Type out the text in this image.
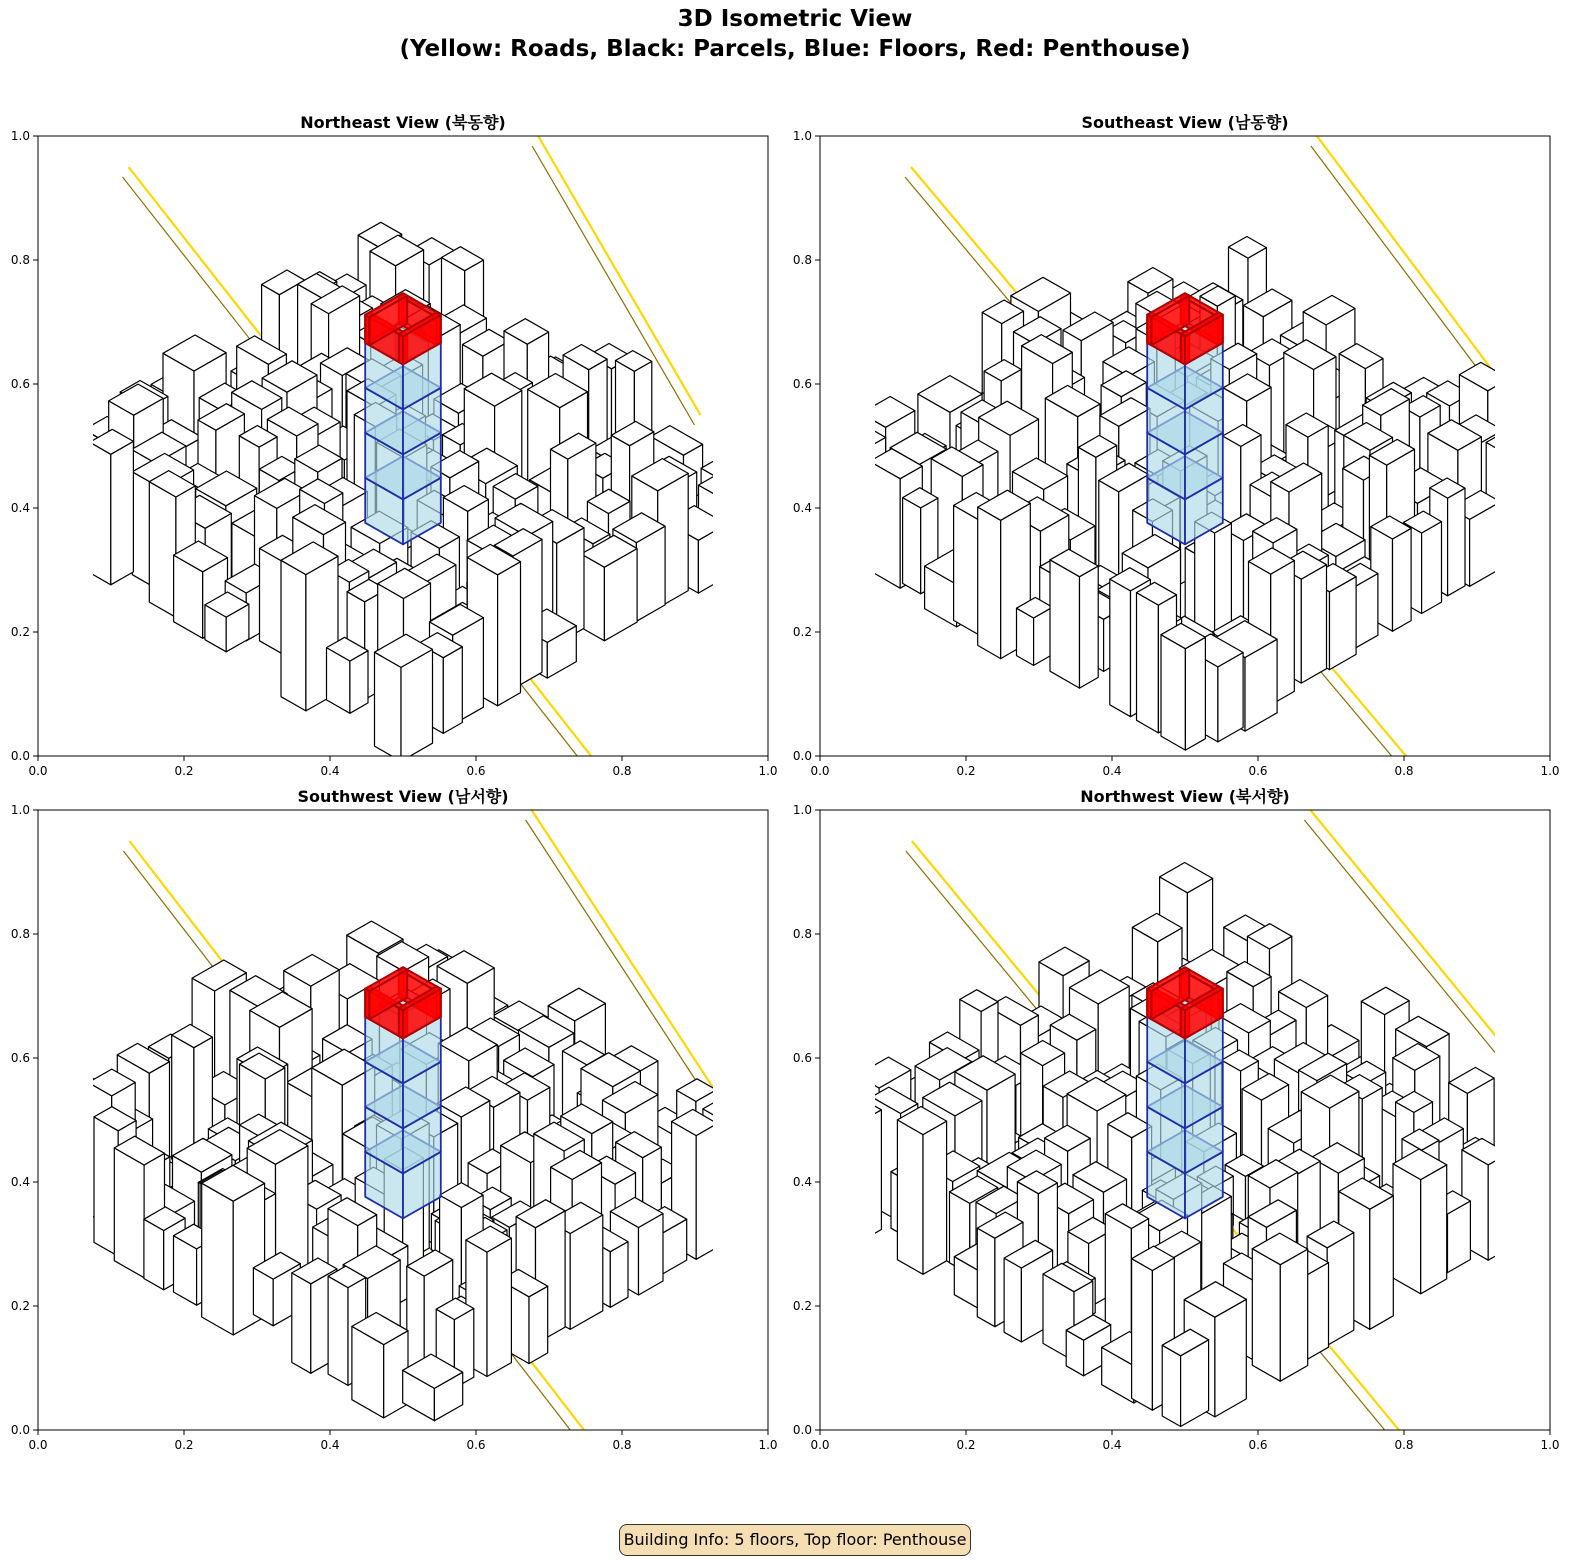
3D Isometric View
(Yellow: Roads, Black: Parcels, Blue: Floors, Red: Penthouse)
Northeast View (북동향)	Southeast View (남동향)
Southwest View (남서향)	Northwest View (북서향)
0.0	0.2	0.4	0.6	0.8	1.0
0.0
0.2
0.4
0.6
0.8
1.0
0.0	0.2	0.4	0.6	0.8	1.0
0.0
0.2
0.4
0.6
0.8
1.0
0.0	0.2	0.4	0.6	0.8	1.0
0.0
0.2
0.4
0.6
0.8
1.0
0.0	0.2	0.4	0.6	0.8	1.0
0.0
0.2
0.4
0.6
0.8
1.0
Building Info: 5 floors, Top floor: Penthouse
